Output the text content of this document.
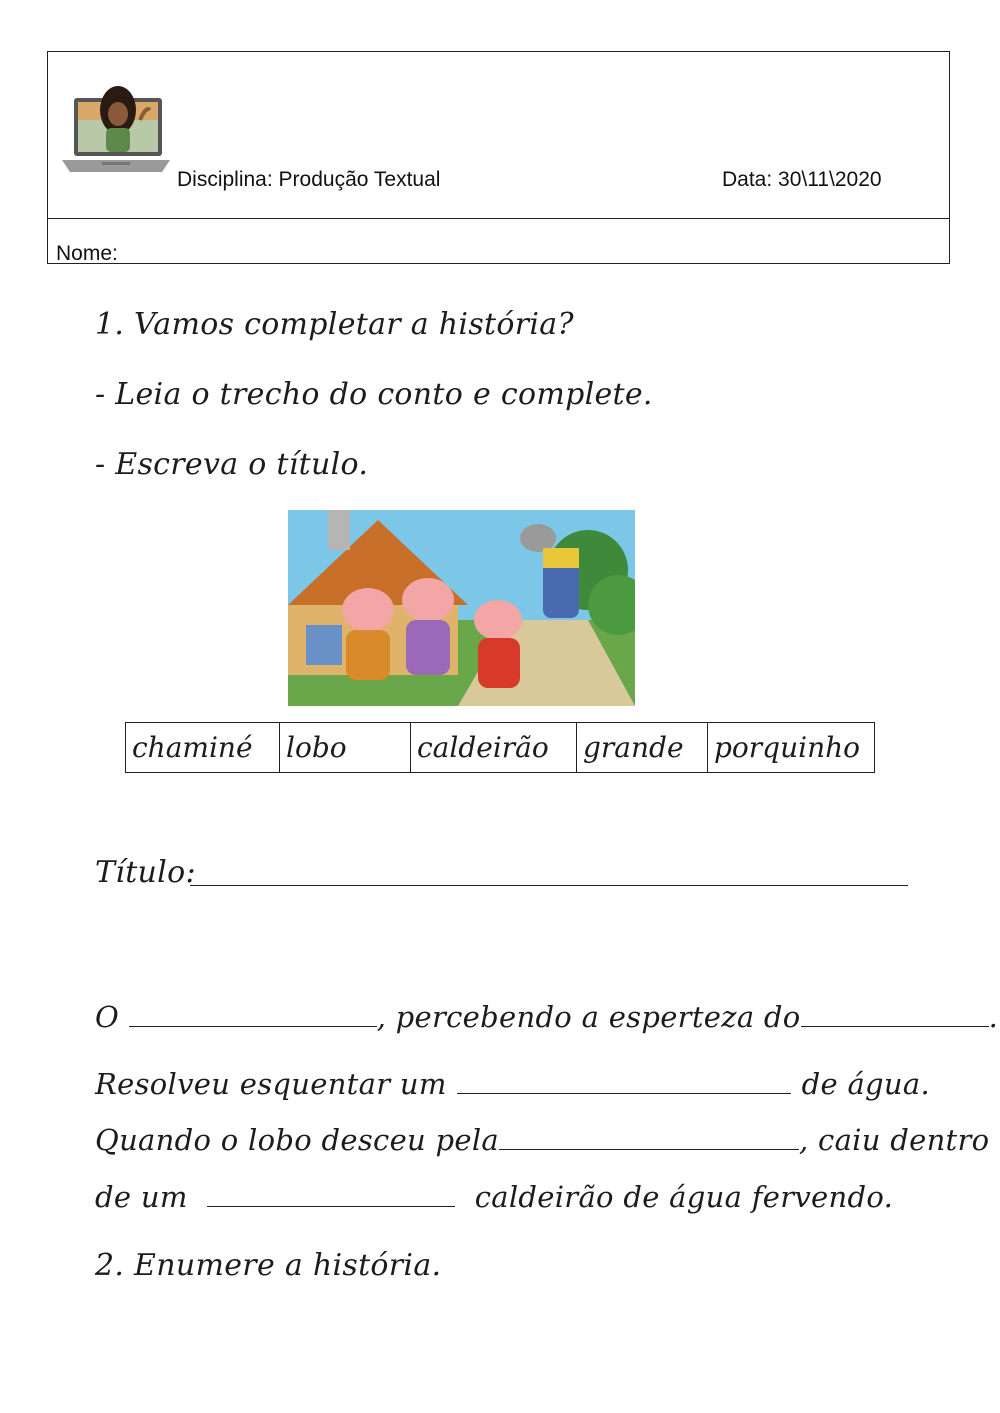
Disciplina: Produção Textual	Data: 30\11\2020
Nome:
1. Vamos completar a história?
- Leia o trecho do conto e complete.
- Escreva o título.
chaminé	lobo	caldeirão	grande	porquinho
Título:
O	, percebendo a esperteza do	.
Resolveu esquentar um	de água.
Quando o lobo desceu pela	, caiu dentro
de um	caldeirão de água fervendo.
2. Enumere a história.
